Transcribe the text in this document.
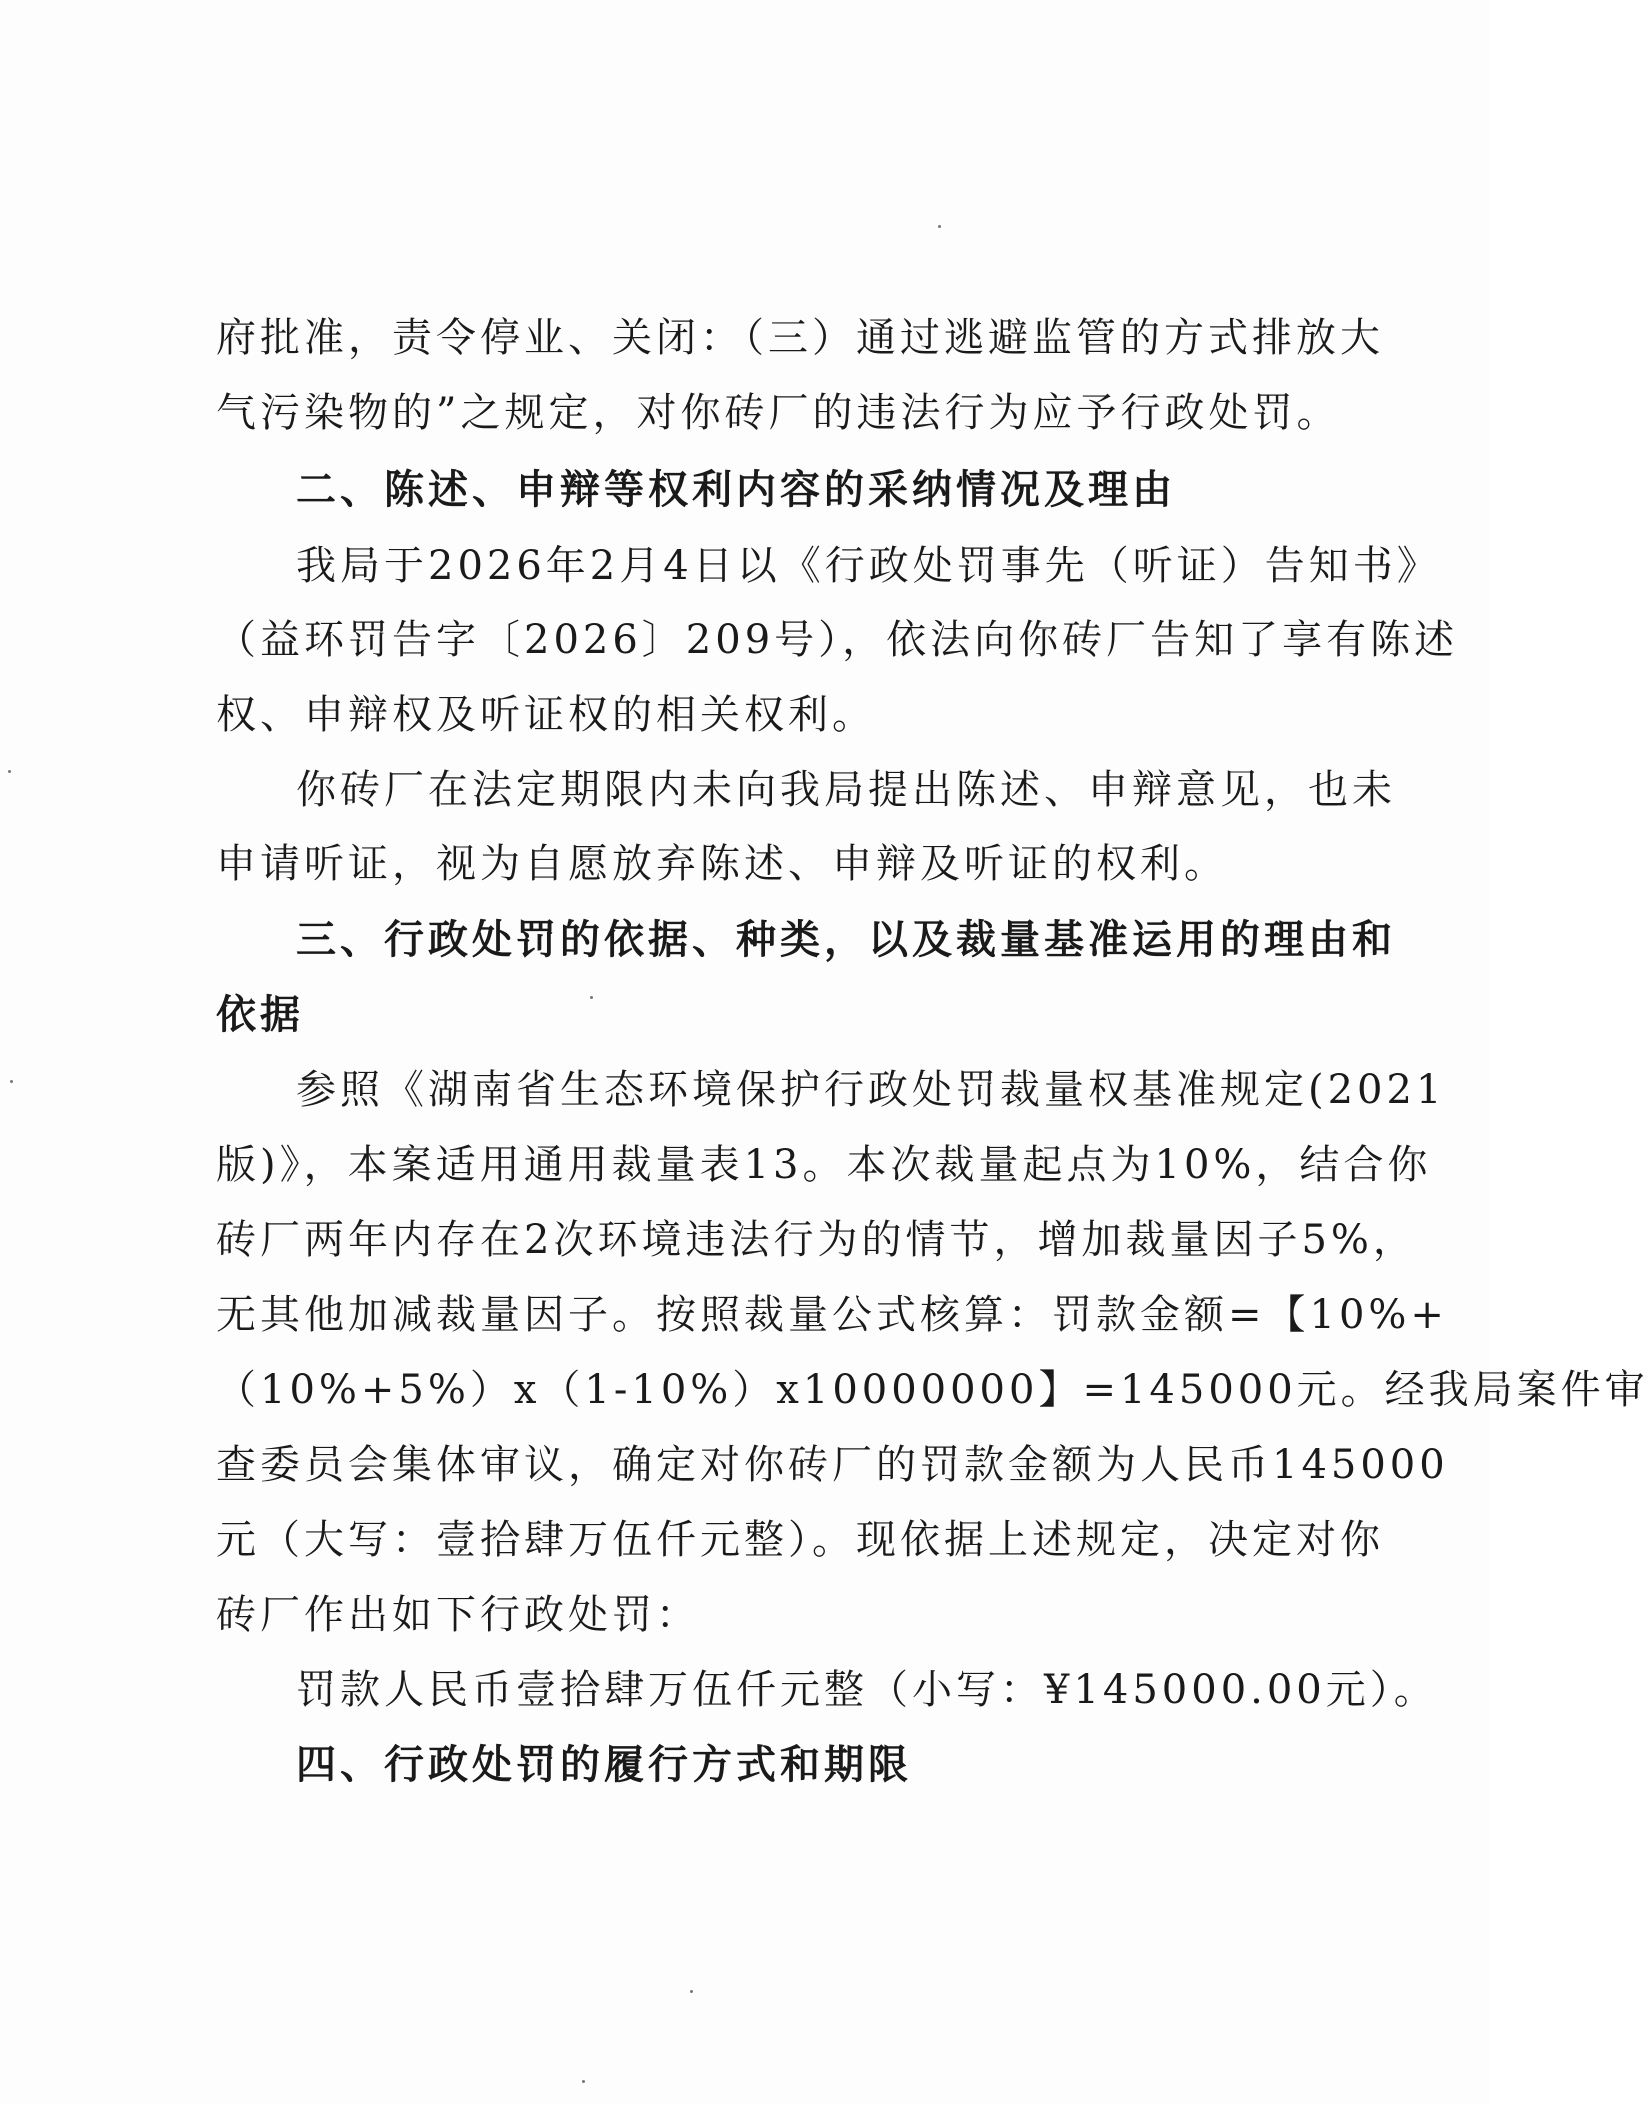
府批准，责令停业、关闭：（三）通过逃避监管的方式排放大
气污染物的”之规定，对你砖厂的违法行为应予行政处罚。
二、陈述、申辩等权利内容的采纳情况及理由
我局于2026年2月4日以《行政处罚事先（听证）告知书》
（益环罚告字〔2026〕209号），依法向你砖厂告知了享有陈述
权、申辩权及听证权的相关权利。
你砖厂在法定期限内未向我局提出陈述、申辩意见，也未
申请听证，视为自愿放弃陈述、申辩及听证的权利。
三、行政处罚的依据、种类，以及裁量基准运用的理由和
依据
参照《湖南省生态环境保护行政处罚裁量权基准规定(2021
版)》，本案适用通用裁量表13。本次裁量起点为10%，结合你
砖厂两年内存在2次环境违法行为的情节，增加裁量因子5%，
无其他加减裁量因子。按照裁量公式核算：罚款金额=【10%+
（10%+5%）x（1-10%）x10000000】=145000元。经我局案件审
查委员会集体审议，确定对你砖厂的罚款金额为人民币145000
元（大写：壹拾肆万伍仟元整）。现依据上述规定，决定对你
砖厂作出如下行政处罚：
罚款人民币壹拾肆万伍仟元整（小写：¥145000.00元）。
四、行政处罚的履行方式和期限
